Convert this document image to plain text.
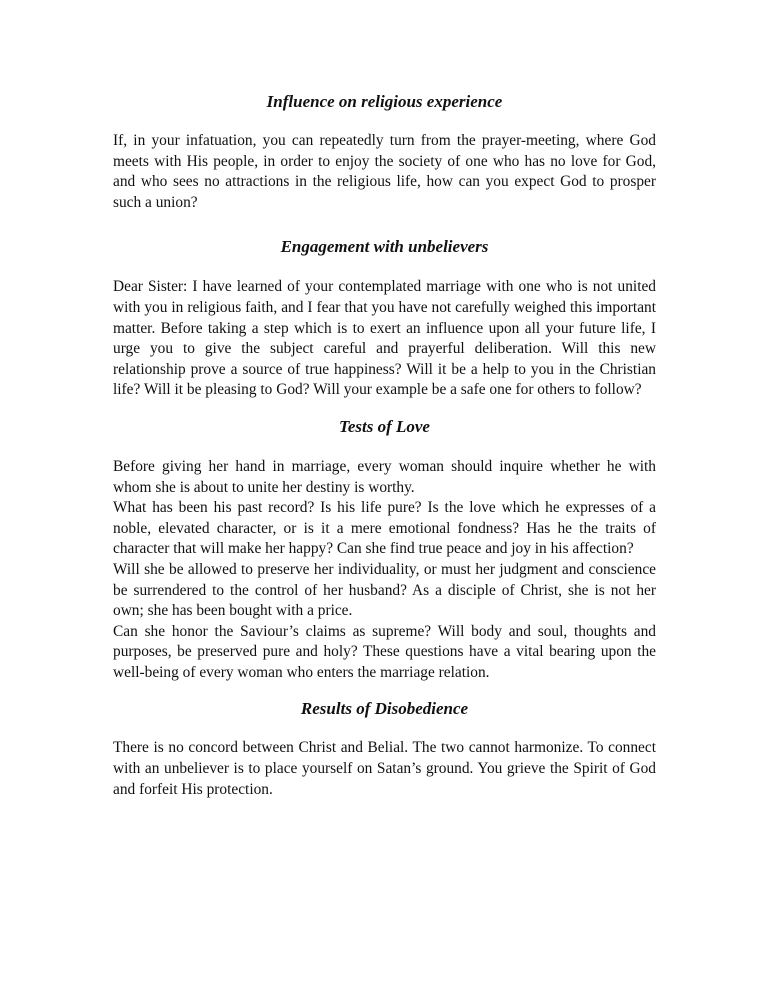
Influence on religious experience

If, in your infatuation, you can repeatedly turn from the prayer-meeting, where God meets with His people, in order to enjoy the society of one who has no love for God, and who sees no attractions in the religious life, how can you expect God to prosper such a union?

Engagement with unbelievers

Dear Sister: I have learned of your contemplated marriage with one who is not united with you in religious faith, and I fear that you have not carefully weighed this important matter. Before taking a step which is to exert an influence upon all your future life, I urge you to give the subject careful and prayerful deliberation. Will this new relationship prove a source of true happiness? Will it be a help to you in the Christian life? Will it be pleasing to God? Will your example be a safe one for others to follow?

Tests of Love

Before giving her hand in marriage, every woman should inquire whether he with whom she is about to unite her destiny is worthy.

What has been his past record? Is his life pure? Is the love which he expresses of a noble, elevated character, or is it a mere emotional fondness? Has he the traits of character that will make her happy? Can she find true peace and joy in his affection?

Will she be allowed to preserve her individuality, or must her judgment and conscience be surrendered to the control of her husband? As a disciple of Christ, she is not her own; she has been bought with a price.

Can she honor the Saviour’s claims as supreme? Will body and soul, thoughts and purposes, be preserved pure and holy? These questions have a vital bearing upon the well-being of every woman who enters the marriage relation.

Results of Disobedience

There is no concord between Christ and Belial. The two cannot harmonize. To connect with an unbeliever is to place yourself on Satan’s ground. You grieve the Spirit of God and forfeit His protection.
